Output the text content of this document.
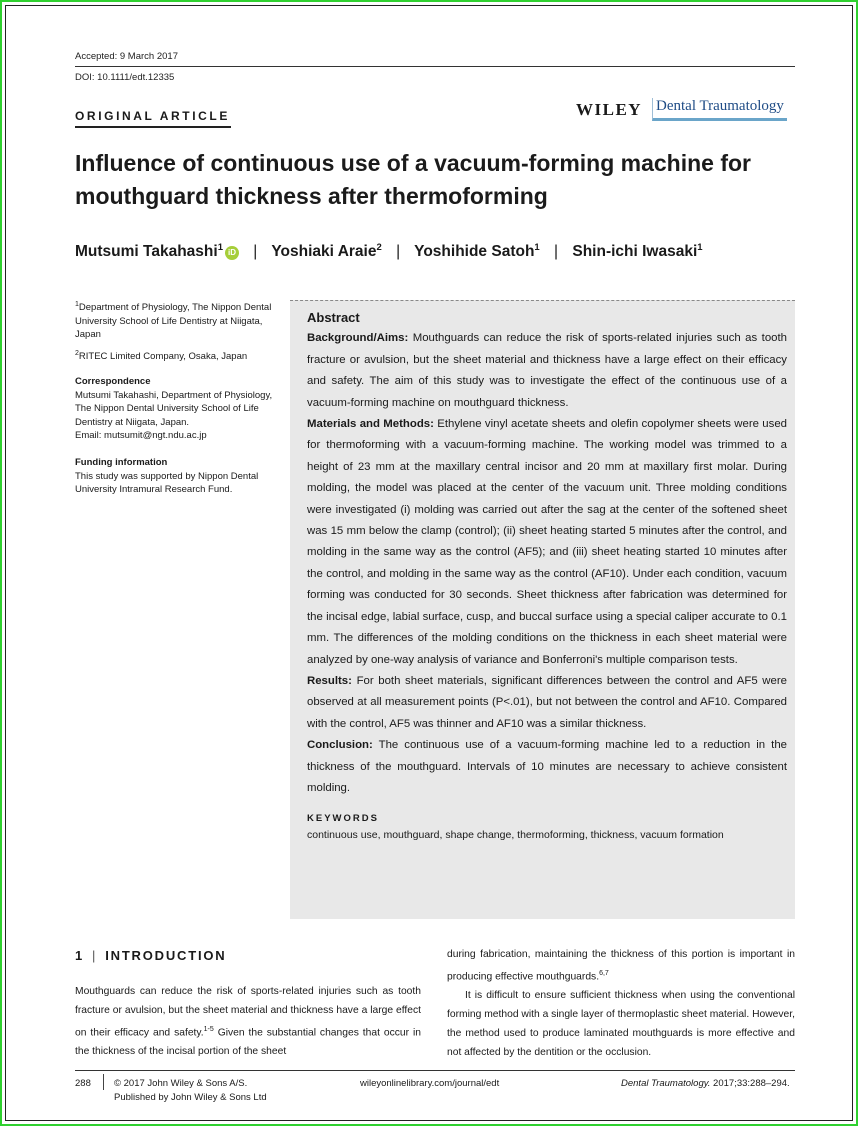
Accepted: 9 March 2017
DOI: 10.1111/edt.12335
ORIGINAL ARTICLE	WILEY Dental Traumatology
Influence of continuous use of a vacuum-forming machine for mouthguard thickness after thermoforming
Mutsumi Takahashi$^1$ iD | Yoshiaki Araie$^2$ | Yoshihide Satoh$^1$ | Shin-ichi Iwasaki$^1$
$^1$Department of Physiology, The Nippon Dental University School of Life Dentistry at Niigata, Japan
$^2$RITEC Limited Company, Osaka, Japan
Correspondence
Mutsumi Takahashi, Department of Physiology, The Nippon Dental University School of Life Dentistry at Niigata, Japan.
Email: mutsumit@ngt.ndu.ac.jp
Funding information
This study was supported by Nippon Dental University Intramural Research Fund.
Abstract

Background/Aims: Mouthguards can reduce the risk of sports-related injuries such as tooth fracture or avulsion, but the sheet material and thickness have a large effect on their efficacy and safety. The aim of this study was to investigate the effect of the continuous use of a vacuum-forming machine on mouthguard thickness.

Materials and Methods: Ethylene vinyl acetate sheets and olefin copolymer sheets were used for thermoforming with a vacuum-forming machine. The working model was trimmed to a height of 23 mm at the maxillary central incisor and 20 mm at maxillary first molar. During molding, the model was placed at the center of the vacuum unit. Three molding conditions were investigated (i) molding was carried out after the sag at the center of the softened sheet was 15 mm below the clamp (control); (ii) sheet heating started 5 minutes after the control, and molding in the same way as the control (AF5); and (iii) sheet heating started 10 minutes after the control, and molding in the same way as the control (AF10). Under each condition, vacuum forming was conducted for 30 seconds. Sheet thickness after fabrication was determined for the incisal edge, labial surface, cusp, and buccal surface using a special caliper accurate to 0.1 mm. The differences of the molding conditions on the thickness in each sheet material were analyzed by one-way analysis of variance and Bonferroni's multiple comparison tests.

Results: For both sheet materials, significant differences between the control and AF5 were observed at all measurement points (P<.01), but not between the control and AF10. Compared with the control, AF5 was thinner and AF10 was a similar thickness.

Conclusion: The continuous use of a vacuum-forming machine led to a reduction in the thickness of the mouthguard. Intervals of 10 minutes are necessary to achieve consistent molding.

KEYWORDS
continuous use, mouthguard, shape change, thermoforming, thickness, vacuum formation
1 | INTRODUCTION

Mouthguards can reduce the risk of sports-related injuries such as tooth fracture or avulsion, but the sheet material and thickness have a large effect on their efficacy and safety.$^{1-5}$ Given the substantial changes that occur in the thickness of the incisal portion of the sheet

during fabrication, maintaining the thickness of this portion is important in producing effective mouthguards.$^{6,7}$

It is difficult to ensure sufficient thickness when using the conventional forming method with a single layer of thermoplastic sheet material. However, the method used to produce laminated mouthguards is more effective and not affected by the dentition or the occlusion.

288 © 2017 John Wiley & Sons A/S.
Published by John Wiley & Sons Ltd
wileyonlinelibrary.com/journal/edt	Dental Traumatology. 2017;33:288–294.
